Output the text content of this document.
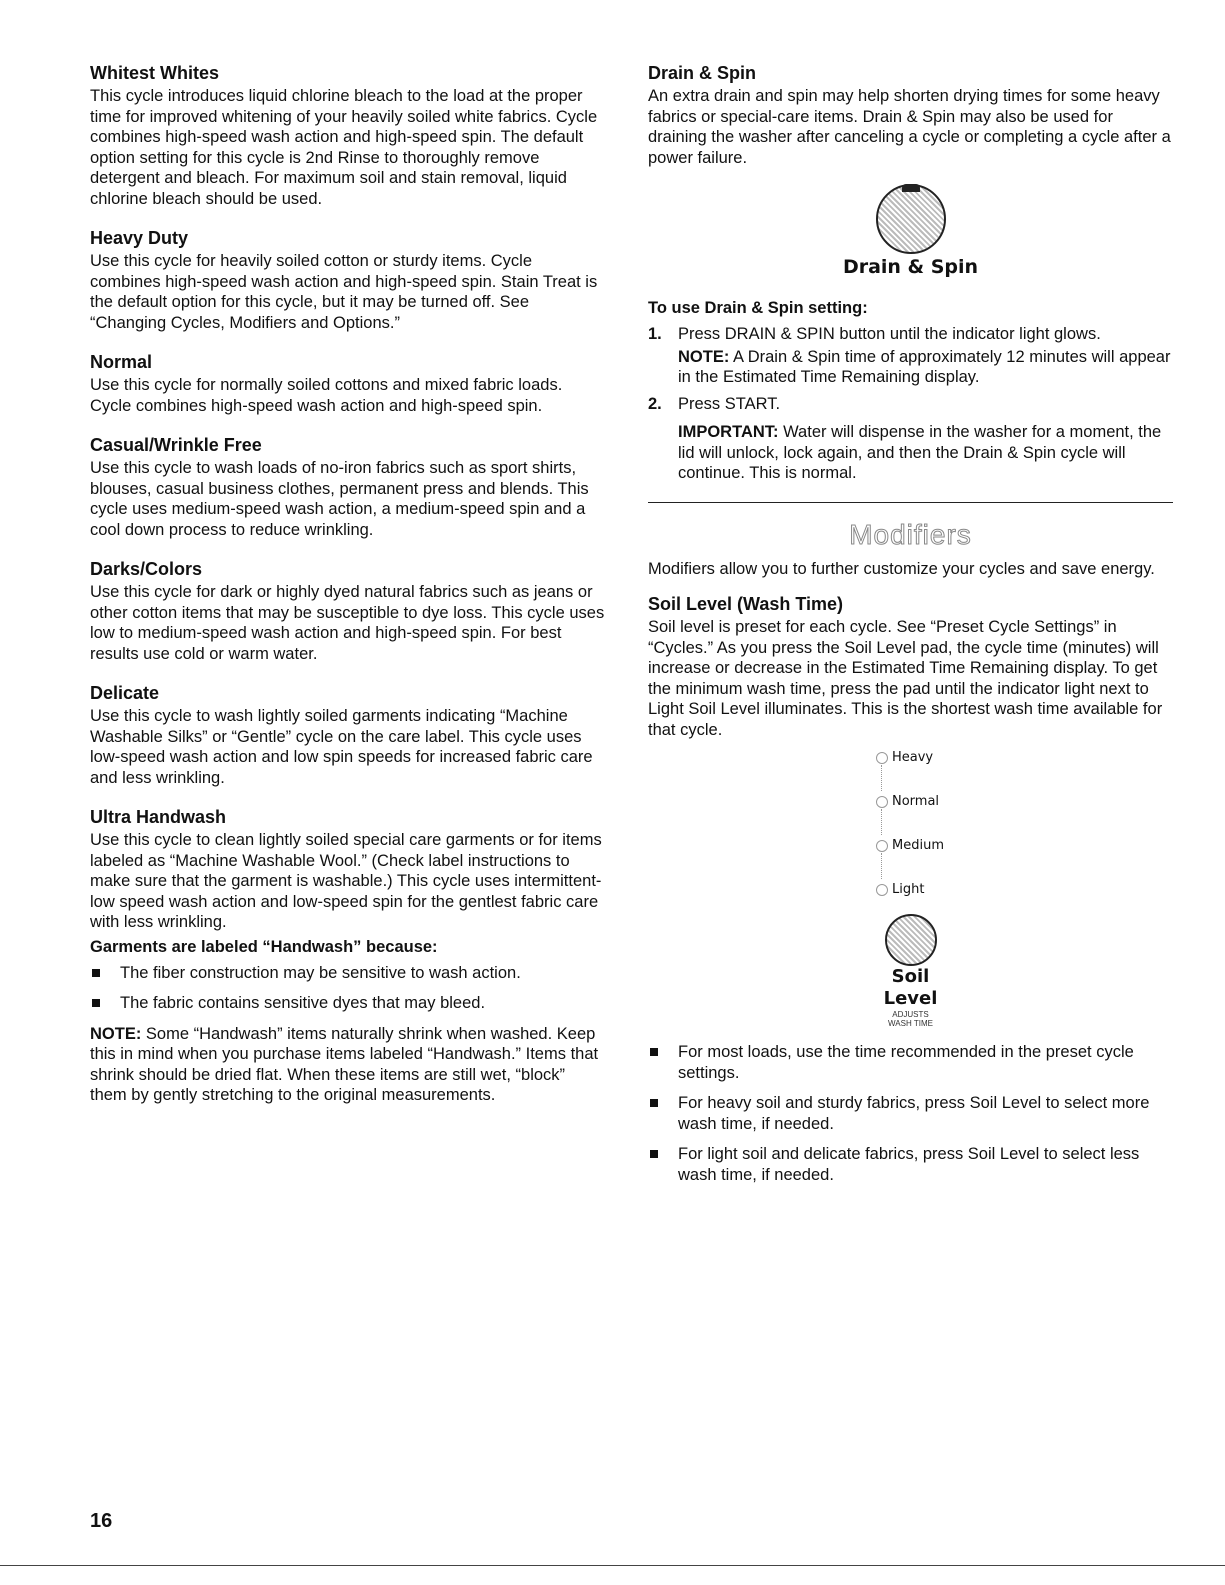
Whitest Whites

This cycle introduces liquid chlorine bleach to the load at the proper time for improved whitening of your heavily soiled white fabrics. Cycle combines high-speed wash action and high-speed spin. The default option setting for this cycle is 2nd Rinse to thoroughly remove detergent and bleach. For maximum soil and stain removal, liquid chlorine bleach should be used.

Heavy Duty

Use this cycle for heavily soiled cotton or sturdy items. Cycle combines high-speed wash action and high-speed spin. Stain Treat is the default option for this cycle, but it may be turned off. See “Changing Cycles, Modifiers and Options.”

Normal

Use this cycle for normally soiled cottons and mixed fabric loads. Cycle combines high-speed wash action and high-speed spin.

Casual/Wrinkle Free

Use this cycle to wash loads of no-iron fabrics such as sport shirts, blouses, casual business clothes, permanent press and blends. This cycle uses medium-speed wash action, a medium-speed spin and a cool down process to reduce wrinkling.

Darks/Colors

Use this cycle for dark or highly dyed natural fabrics such as jeans or other cotton items that may be susceptible to dye loss. This cycle uses low to medium-speed wash action and high-speed spin. For best results use cold or warm water.

Delicate

Use this cycle to wash lightly soiled garments indicating “Machine Washable Silks” or “Gentle” cycle on the care label. This cycle uses low-speed wash action and low spin speeds for increased fabric care and less wrinkling.

Ultra Handwash

Use this cycle to clean lightly soiled special care garments or for items labeled as “Machine Washable Wool.” (Check label instructions to make sure that the garment is washable.) This cycle uses intermittent-low speed wash action and low-speed spin for the gentlest fabric care with less wrinkling.

Garments are labeled “Handwash” because:
The fiber construction may be sensitive to wash action.
The fabric contains sensitive dyes that may bleed.

NOTE: Some “Handwash” items naturally shrink when washed. Keep this in mind when you purchase items labeled “Handwash.” Items that shrink should be dried flat. When these items are still wet, “block” them by gently stretching to the original measurements.

Drain & Spin

An extra drain and spin may help shorten drying times for some heavy fabrics or special-care items. Drain & Spin may also be used for draining the washer after canceling a cycle or completing a cycle after a power failure.

Drain & Spin
To use Drain & Spin setting:
1. Press DRAIN & SPIN button until the indicator light glows.
NOTE: A Drain & Spin time of approximately 12 minutes will appear in the Estimated Time Remaining display.
2. Press START.
IMPORTANT: Water will dispense in the washer for a moment, the lid will unlock, lock again, and then the Drain & Spin cycle will continue. This is normal.
Modifiers

Modifiers allow you to further customize your cycles and save energy.

Soil Level (Wash Time)

Soil level is preset for each cycle. See “Preset Cycle Settings” in “Cycles.” As you press the Soil Level pad, the cycle time (minutes) will increase or decrease in the Estimated Time Remaining display. To get the minimum wash time, press the pad until the indicator light next to Light Soil Level illuminates. This is the shortest wash time available for that cycle.

Heavy
Normal
Medium
Light
Soil
Level
ADJUSTS
WASH TIME
For most loads, use the time recommended in the preset cycle settings.
For heavy soil and sturdy fabrics, press Soil Level to select more wash time, if needed.
For light soil and delicate fabrics, press Soil Level to select less wash time, if needed.
16
